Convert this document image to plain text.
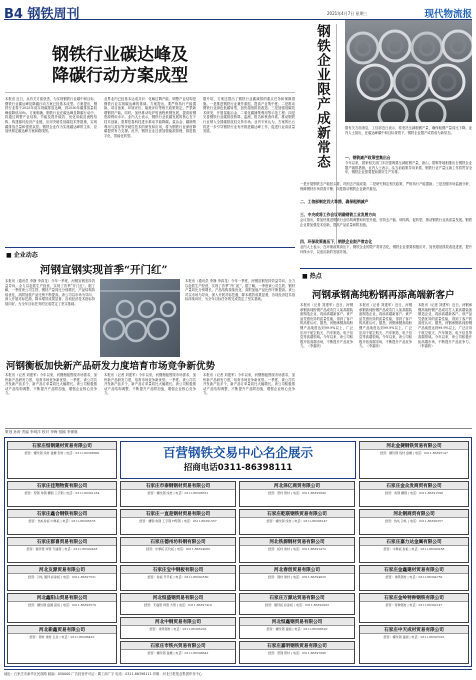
B4 钢铁周刊	2021年4月7日 星期三	现代物流报
钢铁行业碳达峰及
降碳行动方案成型
本报讯 近日，从有关方面获悉，为实现钢铁行业碳中和目标，钢铁行业碳达峰及降碳行动方案已经基本成型。方案提出，钢铁行业将于2025年前实现碳排放达峰，到2030年碳排放量较峰值降低30%。方案明确，钢铁行业在碳达峰及降碳行动中，将通过调整产业结构、节能及提升能效、优化用能及流程结构、构建循环经济产业链、应用突破性低碳技术等措施，实现碳排放总量和强度双控。钢铁企业作为实施碳达峰的主体，应加快制定碳达峰方案和路线图。
业界业内已经基本达成共识：化解过剩产能、调整产业结构是钢铁行业实现碳达峰的基础。方案提出，要严格执行产能置换、项目备案、环境评价、能耗评价等相关政策规定，严禁新增钢铁产能。同时，加快推动电炉短流程炼钢发展，提高废钢资源利用水平。业内人士表示，钢铁行业低碳发展的核心在于技术创新，需要依靠科技进步推动节能降碳。氢冶金、碳捕集利用与封存等突破性技术的研发和应用，将为钢铁行业深度降碳提供有力支撑。此外，钢铁企业还需加强能源管理，推进数字化、智能化转型。
据介绍，方案还提出了钢铁行业碳减排的重点任务和保障措施。一是推进钢铁行业兼并重组，提高产业集中度；二是推动钢铁行业绿色低碳转型，加快超低排放改造；三是加强低碳技术研发，开展氢能冶金、二氧化碳捕集利用等示范工程；四是完善钢铁行业碳排放核算、监测、报告和核查体系，推动钢铁行业纳入全国碳排放权交易市场。业内专家认为，方案的出台将进一步引导钢铁行业有序推进碳达峰工作，促进行业高质量发展。	钢铁企业限产成新常态	据有关方面消息，工信部近日表示，将坚决压减粗钢产量，确保粗钢产量同比下降。业内人士指出，在碳达峰碳中和目标背景下，钢铁企业限产或将成为新常态。
一、钢铁减产政策密集出台
今年以来，国家相关部门多次强调要压减粗钢产量，唐山、邯郸等地相继出台钢铁企业限产减排措施。业内人士表示，从当前政策导向来看，钢铁行业产量压减工作将贯穿全年，钢铁企业需要提前做好生产安排。
一是开展钢铁去产能回头看，巩固去产能成果；二是研究制定相关政策，严格执行产能置换；三是加强市场监测分析，保障钢材市场供需平衡；四是推动钢铁企业兼并重组。
二、工信部制定四大举措，确保粗钢减产
三、中央或将工作会议明确钢铁工业发展方向
会议指出，要加快推进钢铁行业结构调整和转型升级，坚持去产能、调结构、促转型，推动钢铁行业高质量发展。钢铁企业要加强技术创新，提高产品质量和附加值。
四、环保政策高压下，钢铁企业限产常态化
业内人士表示，在环保政策高压下，钢铁企业的限产将常态化，钢铁企业需要积极应对，加快超低排放改造进度，提升环保水平，以适应新的发展环境。
■ 企业动态
河钢宣钢实现首季“开门红”
本报讯（通讯员 李静 李真龙）今年一季度，河钢宣钢坚持效益导向，全力以赴抓生产经营，实现了首季“开门红”。据了解，一季度该公司生铁、钢材产量同比分别增长，产品结构持续优化，高附加值产品比例不断提高。该公司以市场为导向，深入开展对标挖潜，降本增效成果显著，各项经济技术指标持续向好，为全年目标任务的完成奠定了坚实基础。
本报讯（通讯员 李静 李真龙）今年一季度，河钢宣钢坚持效益导向，全力以赴抓生产经营，实现了首季“开门红”。据了解，一季度该公司生铁、钢材产量同比分别增长，产品结构持续优化，高附加值产品比例不断提高。该公司以市场为导向，深入开展对标挖潜，降本增效成果显著，各项经济技术指标持续向好，为全年目标任务的完成奠定了坚实基础。
河钢衡板加快新产品研发力度培育市场竞争新优势
本报讯（记者 刘建军）今年以来，河钢衡板围绕市场需求，加快新产品研发力度，培育市场竞争新优势。一季度，该公司共开发新产品多个，新产品订单量同比大幅增长。该公司积极推动产品结构调整，不断提升产品附加值，增强企业核心竞争力。
本报讯（记者 刘建军）今年以来，河钢衡板围绕市场需求，加快新产品研发力度，培育市场竞争新优势。一季度，该公司共开发新产品多个，新产品订单量同比大幅增长。该公司积极推动产品结构调整，不断提升产品附加值，增强企业核心竞争力。
本报讯（记者 刘建军）今年以来，河钢衡板围绕市场需求，加快新产品研发力度，培育市场竞争新优势。一季度，该公司共开发新产品多个，新产品订单量同比大幅增长。该公司积极推动产品结构调整，不断提升产品附加值，增强企业核心竞争力。
■ 热点
河钢承钢高纯粉钢再添高端新客户
本报讯（记者 刘建军）近日，河钢承钢高纯粉钢产品成功打入某高端装备制造企业，再添高端新客户。该产品凭借优异的质量性能，得到了客户的高度认可。据悉，河钢承钢高纯粉钢产品纯度达到99.9%以上，广泛应用于航空航天、汽车制造、电子信息等高端领域。今年以来，该公司积极开拓高端市场，不断提升产品竞争力。（李嘉欣）
本报讯（记者 刘建军）近日，河钢承钢高纯粉钢产品成功打入某高端装备制造企业，再添高端新客户。该产品凭借优异的质量性能，得到了客户的高度认可。据悉，河钢承钢高纯粉钢产品纯度达到99.9%以上，广泛应用于航空航天、汽车制造、电子信息等高端领域。今年以来，该公司积极开拓高端市场，不断提升产品竞争力。（李嘉欣）
本报讯（记者 刘建军）近日，河钢承钢高纯粉钢产品成功打入某高端装备制造企业，再添高端新客户。该产品凭借优异的质量性能，得到了客户的高度认可。据悉，河钢承钢高纯粉钢产品纯度达到99.9%以上，广泛应用于航空航天、汽车制造、电子信息等高端领域。今年以来，该公司积极开拓高端市场，不断提升产品竞争力。（李嘉欣）
策划 孙涛 责编 李玥洋 校对 李梅 组稿 李律航
百营钢铁交易中心名企展示
招商电话0311-86398111
石家庄恒钢建材贸易有限公司
经营：螺纹钢 线材 盘螺 型材 | 电话：0311-86398000
石家庄佳翔物资有限公司
经营：型钢 角钢 槽钢 工字钢 | 电话：0311-86391234
石家庄鑫合钢铁有限公司
经营：热轧卷板 中厚板 | 电话：0311-86395678
石家庄群喜贸易有限公司
经营：镀锌管 焊管 无缝管 | 电话：0311-86392468
河北友源贸易有限公司
经营：冷轧 镀锌 彩涂板 | 电话：0311-86397531
河北鑫阳山贸易有限公司
经营：螺纹钢 盘圆 高线 | 电话：0311-86393579
河北新鑫贸易有限公司
经营：钢材 建材 五金 | 电话：0311-86396420
石家庄市泰钢钢材贸易有限公司
经营：螺纹钢 线材 | 电话：0311-86398321
石家庄一直是钢材贸易有限公司
经营：槽钢 角钢 工字钢 H型钢 | 电话：0311-86391357
石家庄德州坊科钢有限公司
经营：中厚板 花纹板 | 电话：0311-86394680
石家庄宝中钢板有限公司
经营：卷板 开平板 | 电话：0311-86392580
河北恒盛钢贸易有限公司
经营：无缝管 焊管 方管 | 电话：0311-86397410
河北中钢贸易有限公司
经营：建筑钢材 | 电话：0311-86395203
石家庄市铁兴贸易有限公司
经营：螺纹钢 盘螺 | 电话：0311-86398642
河北泽亿商贸有限公司
经营：型材 管材 | 电话：0311-86393690
石家庄乾联钢铁贸易有限公司
经营：螺纹钢 线材 | 电话：0311-86396147
河北铁源钢材贸易有限公司
经营：板材 卷材 | 电话：0311-86391472
河北春创贸易有限公司
经营：钢材 建材 | 电话：0311-86394825
石家庄万源达贸易有限公司
经营：镀锌板 彩涂板 | 电话：0311-86392963
河北恒鑫钢贸易有限公司
经营：螺纹钢 盘圆 | 电话：0311-86398520
石家庄嘉明钢铁贸易有限公司
经营：型钢 管材 | 电话：0311-86397896
河北金捷钢铁贸易有限公司
经营：螺纹钢 线材 盘螺 | 电话：0311-86395147
石家庄金众发商贸有限公司
经营：角钢 槽钢 | 电话：0311-86391598
河北钢商贸有限公司
经营：热轧 冷轧 | 电话：0311-86396357
石家庄嘉力达金属有限公司
经营：中厚板 卷板 | 电话：0311-86393258
石家庄金鑫建材贸易有限公司
经营：建筑钢材 | 电话：0311-86394756
石家庄金岭特种钢铁有限公司
经营：特种钢材 | 电话：0311-86392147
石家庄中天成材贸易有限公司
经营：螺纹钢 盘圆 | 电话：0311-86397025
地址：石家庄市新华区民族路 邮编：050000 广告经营许可证：冀工商广字 电话：0311-86398111 印刷：河北日报报业集团印务中心
